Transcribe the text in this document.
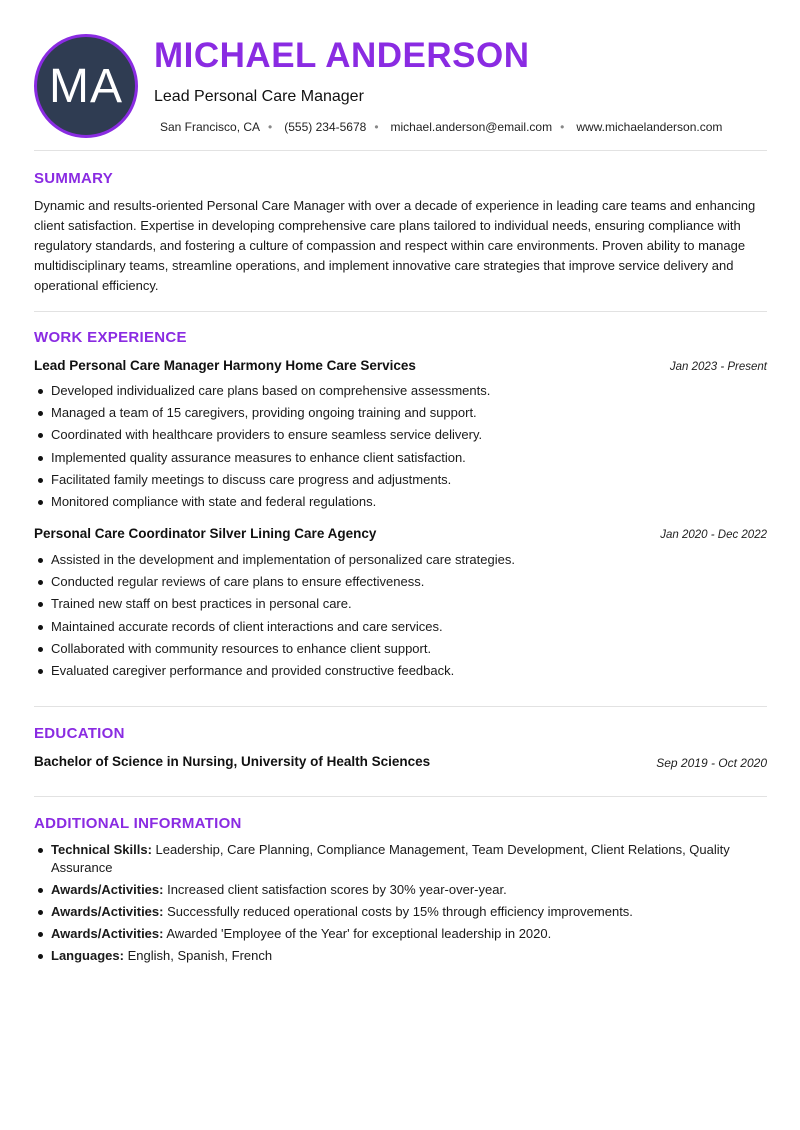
MA
MICHAEL ANDERSON
Lead Personal Care Manager
San Francisco, CA • (555) 234-5678 • michael.anderson@email.com • www.michaelanderson.com
SUMMARY
Dynamic and results-oriented Personal Care Manager with over a decade of experience in leading care teams and enhancing client satisfaction. Expertise in developing comprehensive care plans tailored to individual needs, ensuring compliance with regulatory standards, and fostering a culture of compassion and respect within care environments. Proven ability to manage multidisciplinary teams, streamline operations, and implement innovative care strategies that improve service delivery and operational efficiency.
WORK EXPERIENCE
Lead Personal Care Manager Harmony Home Care Services	Jan 2023 - Present
Developed individualized care plans based on comprehensive assessments.
Managed a team of 15 caregivers, providing ongoing training and support.
Coordinated with healthcare providers to ensure seamless service delivery.
Implemented quality assurance measures to enhance client satisfaction.
Facilitated family meetings to discuss care progress and adjustments.
Monitored compliance with state and federal regulations.
Personal Care Coordinator Silver Lining Care Agency	Jan 2020 - Dec 2022
Assisted in the development and implementation of personalized care strategies.
Conducted regular reviews of care plans to ensure effectiveness.
Trained new staff on best practices in personal care.
Maintained accurate records of client interactions and care services.
Collaborated with community resources to enhance client support.
Evaluated caregiver performance and provided constructive feedback.
EDUCATION
Bachelor of Science in Nursing, University of Health Sciences	Sep 2019 - Oct 2020
ADDITIONAL INFORMATION
Technical Skills: Leadership, Care Planning, Compliance Management, Team Development, Client Relations, Quality Assurance
Awards/Activities: Increased client satisfaction scores by 30% year-over-year.
Awards/Activities: Successfully reduced operational costs by 15% through efficiency improvements.
Awards/Activities: Awarded 'Employee of the Year' for exceptional leadership in 2020.
Languages: English, Spanish, French
